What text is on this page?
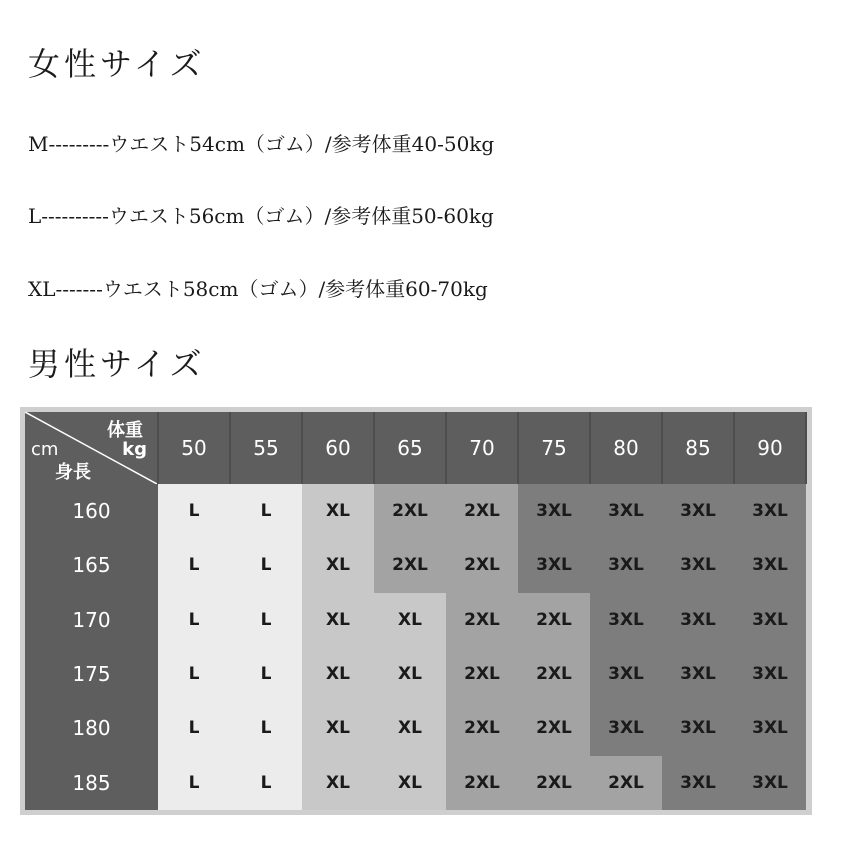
女性サイズ
M---------ウエスト54cm（ゴム）/参考体重40-50kg
L----------ウエスト56cm（ゴム）/参考体重50-60kg
XL-------ウエスト58cm（ゴム）/参考体重60-70kg
男性サイズ
体重
kg
cm
身長	50	55	60	65	70	75	80	85	90
160	L	L	XL	2XL	2XL	3XL	3XL	3XL	3XL
165	L	L	XL	2XL	2XL	3XL	3XL	3XL	3XL
170	L	L	XL	XL	2XL	2XL	3XL	3XL	3XL
175	L	L	XL	XL	2XL	2XL	3XL	3XL	3XL
180	L	L	XL	XL	2XL	2XL	3XL	3XL	3XL
185	L	L	XL	XL	2XL	2XL	2XL	3XL	3XL
